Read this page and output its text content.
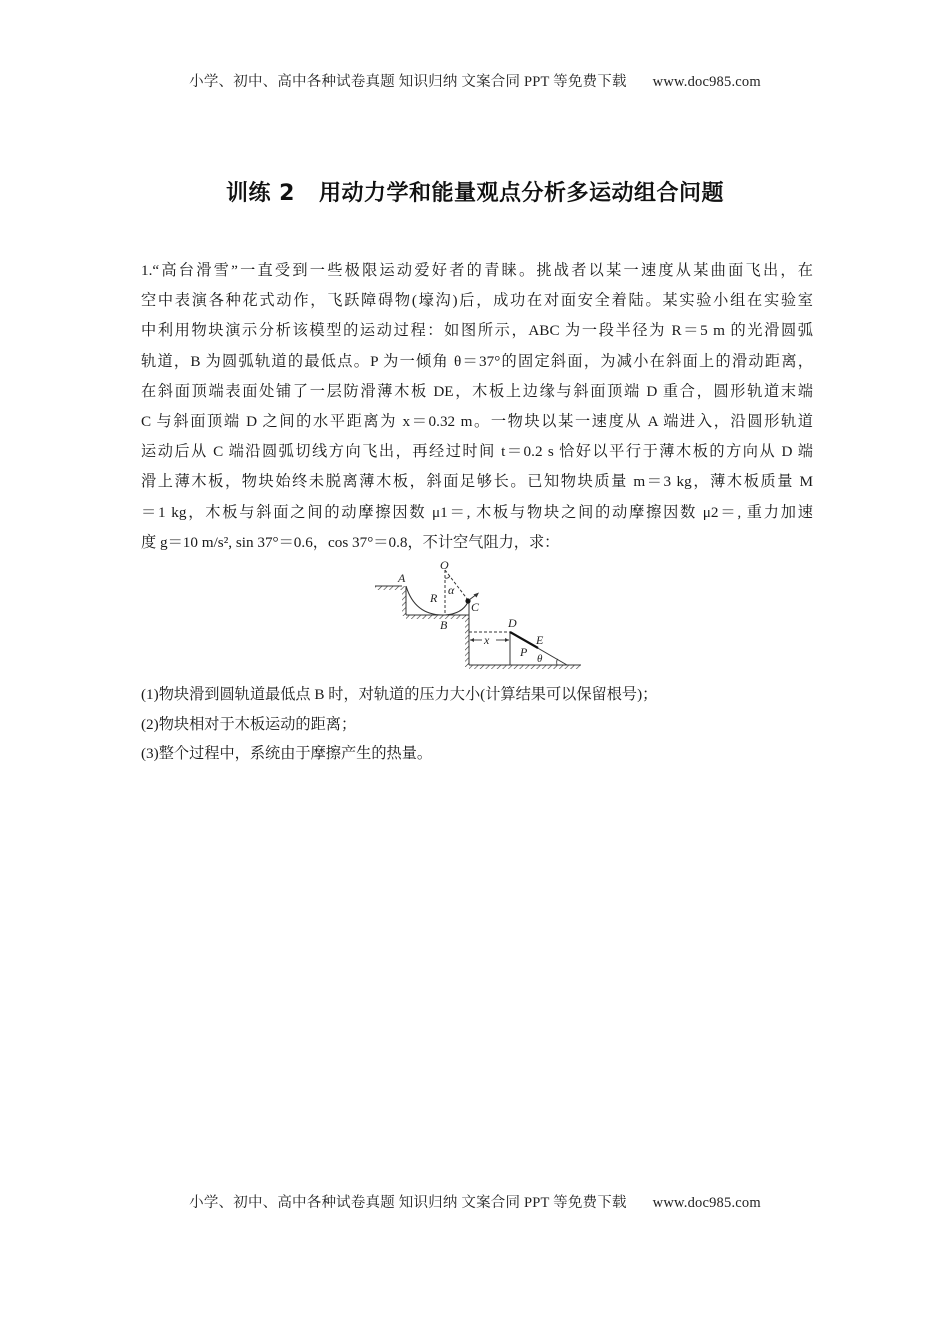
小学、初中、高中各种试卷真题 知识归纳 文案合同 PPT 等免费下载 www.doc985.com
训练 2 用动力学和能量观点分析多运动组合问题
1.“高台滑雪”一直受到一些极限运动爱好者的青睐。挑战者以某一速度从某曲面飞出，在
空中表演各种花式动作，飞跃障碍物(壕沟)后，成功在对面安全着陆。某实验小组在实验室
中利用物块演示分析该模型的运动过程：如图所示，ABC 为一段半径为 R＝5 m 的光滑圆弧
轨道，B 为圆弧轨道的最低点。P 为一倾角 θ＝37°的固定斜面，为减小在斜面上的滑动距离，
在斜面顶端表面处铺了一层防滑薄木板 DE，木板上边缘与斜面顶端 D 重合，圆形轨道末端
C 与斜面顶端 D 之间的水平距离为 x＝0.32 m。一物块以某一速度从 A 端进入，沿圆形轨道
运动后从 C 端沿圆弧切线方向飞出，再经过时间 t＝0.2 s 恰好以平行于薄木板的方向从 D 端
滑上薄木板，物块始终未脱离薄木板，斜面足够长。已知物块质量 m＝3 kg，薄木板质量 M
＝1 kg，木板与斜面之间的动摩擦因数 μ1＝, 木板与物块之间的动摩擦因数 μ2＝, 重力加速
度 g＝10 m/s², sin 37°＝0.6，cos 37°＝0.8，不计空气阻力，求：
A
O
R
α
C
B	D
x	E
P θ
(1)物块滑到圆轨道最低点 B 时，对轨道的压力大小(计算结果可以保留根号)；
(2)物块相对于木板运动的距离；
(3)整个过程中，系统由于摩擦产生的热量。
小学、初中、高中各种试卷真题 知识归纳 文案合同 PPT 等免费下载 www.doc985.com
